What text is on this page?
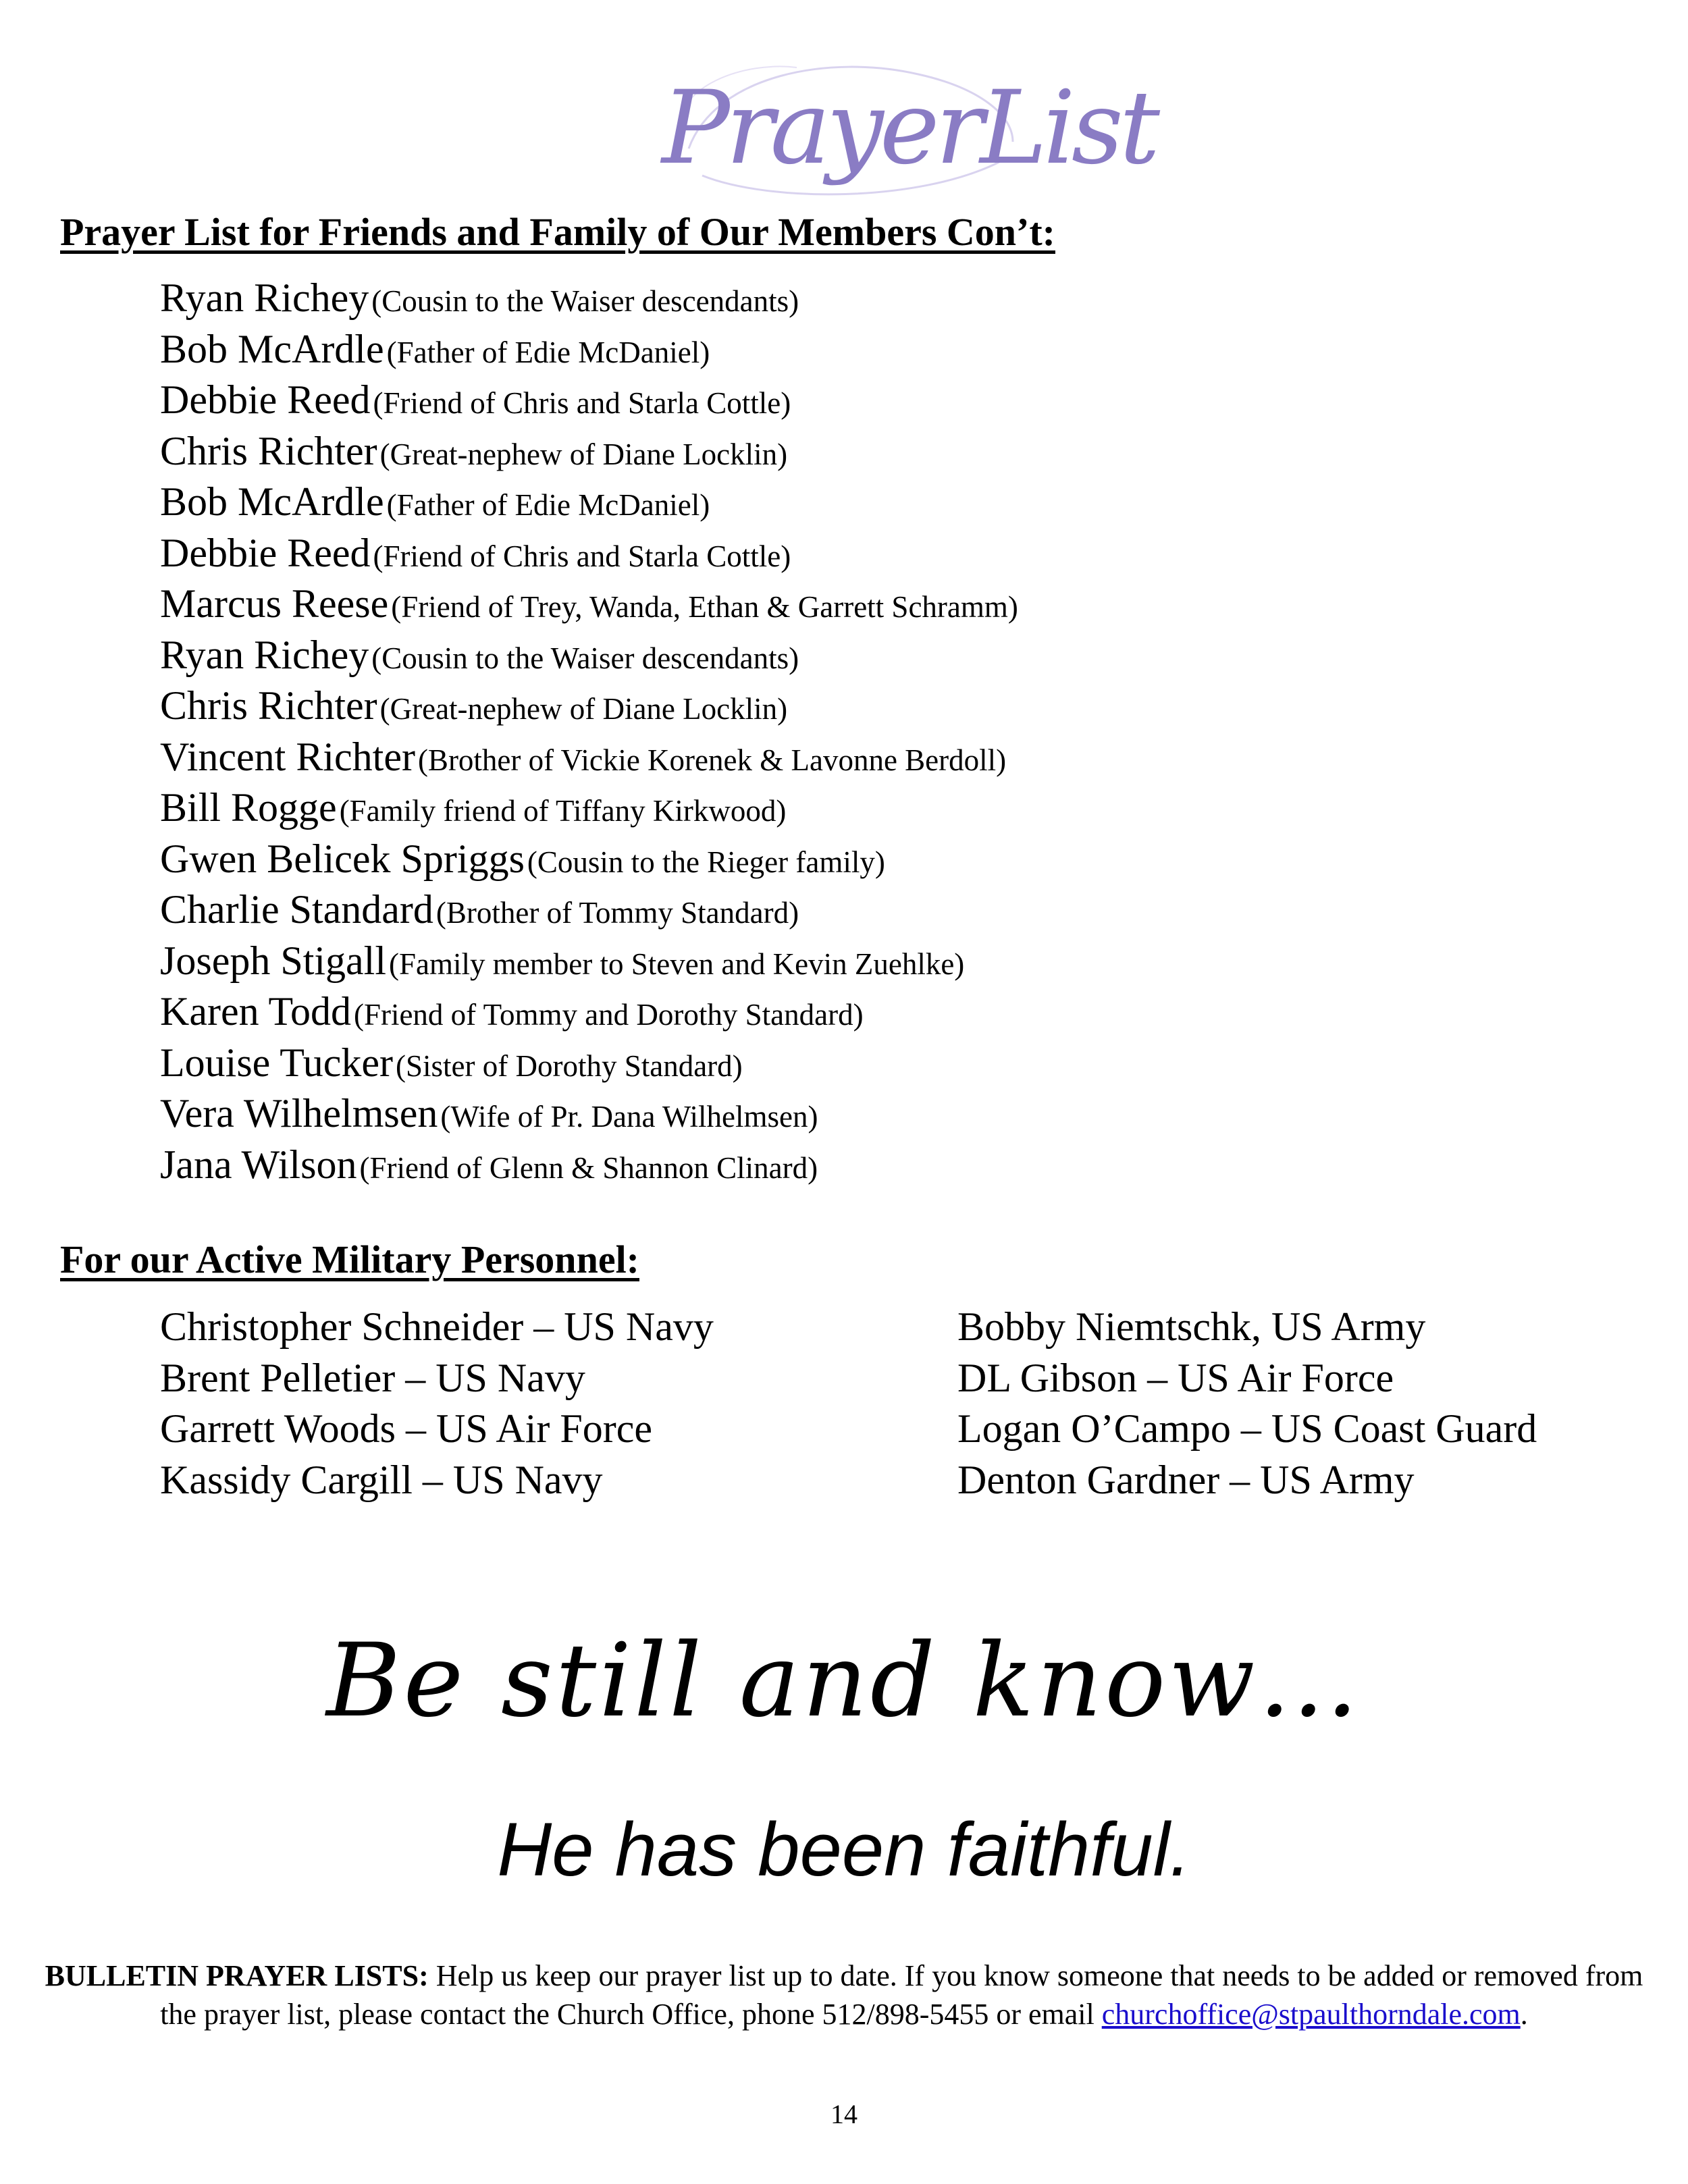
PrayerList
Prayer List for Friends and Family of Our Members Con’t:
Ryan Richey (Cousin to the Waiser descendants)
Bob McArdle (Father of Edie McDaniel)
Debbie Reed (Friend of Chris and Starla Cottle)
Chris Richter (Great-nephew of Diane Locklin)
Bob McArdle (Father of Edie McDaniel)
Debbie Reed (Friend of Chris and Starla Cottle)
Marcus Reese (Friend of Trey, Wanda, Ethan & Garrett Schramm)
Ryan Richey (Cousin to the Waiser descendants)
Chris Richter (Great-nephew of Diane Locklin)
Vincent Richter (Brother of Vickie Korenek & Lavonne Berdoll)
Bill Rogge (Family friend of Tiffany Kirkwood)
Gwen Belicek Spriggs (Cousin to the Rieger family)
Charlie Standard (Brother of Tommy Standard)
Joseph Stigall (Family member to Steven and Kevin Zuehlke)
Karen Todd (Friend of Tommy and Dorothy Standard)
Louise Tucker (Sister of Dorothy Standard)
Vera Wilhelmsen (Wife of Pr. Dana Wilhelmsen)
Jana Wilson (Friend of Glenn & Shannon Clinard)
For our Active Military Personnel:
Christopher Schneider – US Navy
Brent Pelletier – US Navy
Garrett Woods – US Air Force
Kassidy Cargill – US Navy
Bobby Niemtschk, US Army
DL Gibson – US Air Force
Logan O’Campo – US Coast Guard
Denton Gardner – US Army
Be still and know…
He has been faithful.
BULLETIN PRAYER LISTS: Help us keep our prayer list up to date. If you know someone that needs to be added or removed from the prayer list, please contact the Church Office, phone 512/898-5455 or email churchoffice@stpaulthorndale.com.
14
